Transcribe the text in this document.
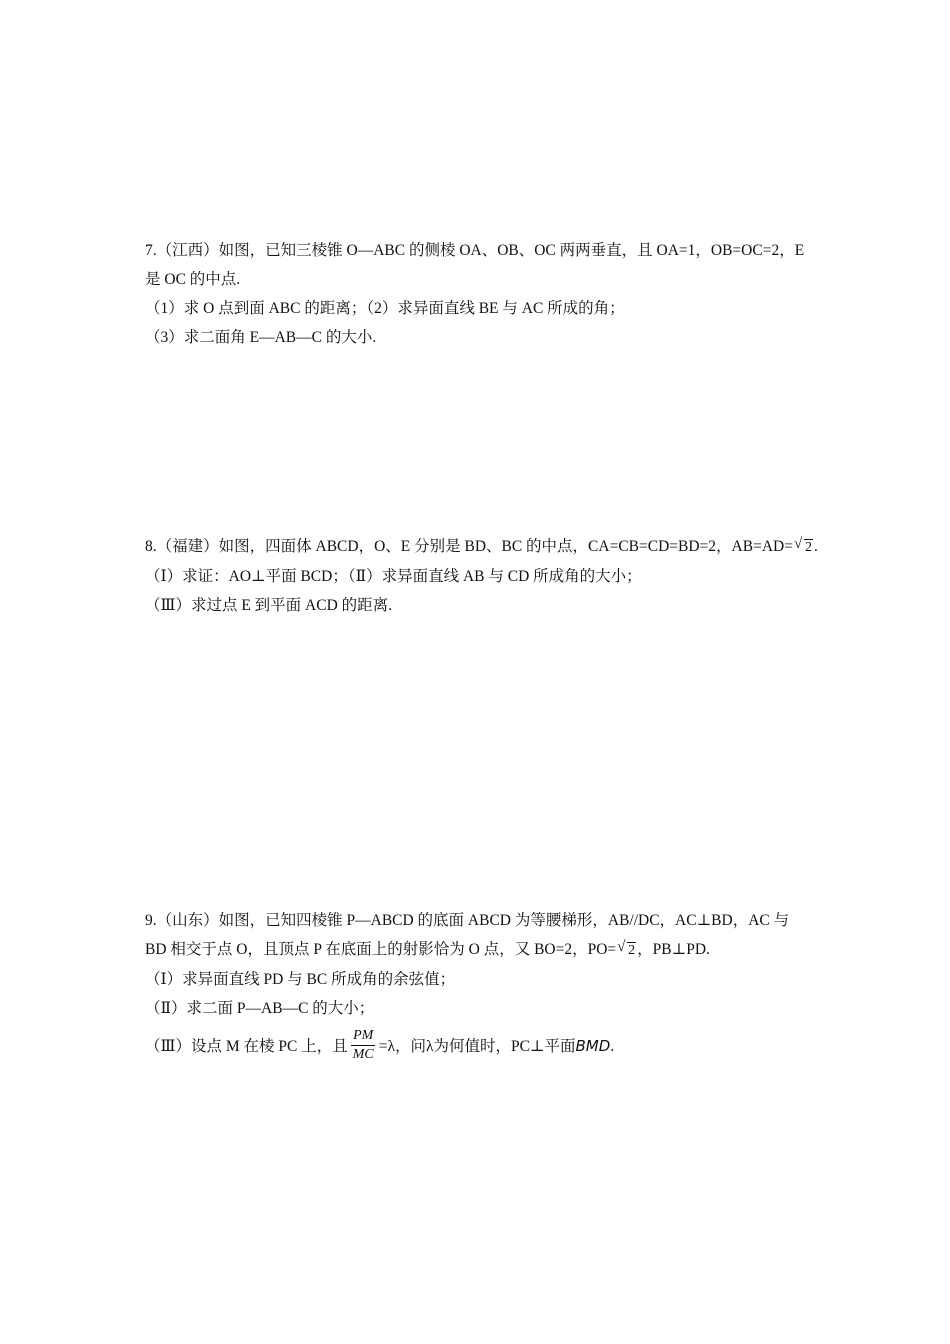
7.（江西）如图，已知三棱锥 O—ABC 的侧棱 OA、OB、OC 两两垂直，且 OA=1，OB=OC=2，E
是 OC 的中点.
（1）求 O 点到面 ABC 的距离；（2）求异面直线 BE 与 AC 所成的角；
（3）求二面角 E—AB—C 的大小.
8.（福建）如图，四面体 ABCD，O、E 分别是 BD、BC 的中点，CA=CB=CD=BD=2，AB=AD= √ 2 .
（Ⅰ）求证：AO⊥平面 BCD；（Ⅱ）求异面直线 AB 与 CD 所成角的大小；
（Ⅲ）求过点 E 到平面 ACD 的距离.
9.（山东）如图，已知四棱锥 P—ABCD 的底面 ABCD 为等腰梯形，AB//DC，AC⊥BD，AC 与
BD 相交于点 O，且顶点 P 在底面上的射影恰为 O 点，又 BO=2，PO= √ 2 ，PB⊥PD.
（Ⅰ）求异面直线 PD 与 BC 所成角的余弦值；
（Ⅱ）求二面 P—AB—C 的大小；
（Ⅲ）设点 M 在棱 PC 上，且 $\frac{PM}{MC} =\lambda$，问λ为何值时，PC⊥平面BMD.
